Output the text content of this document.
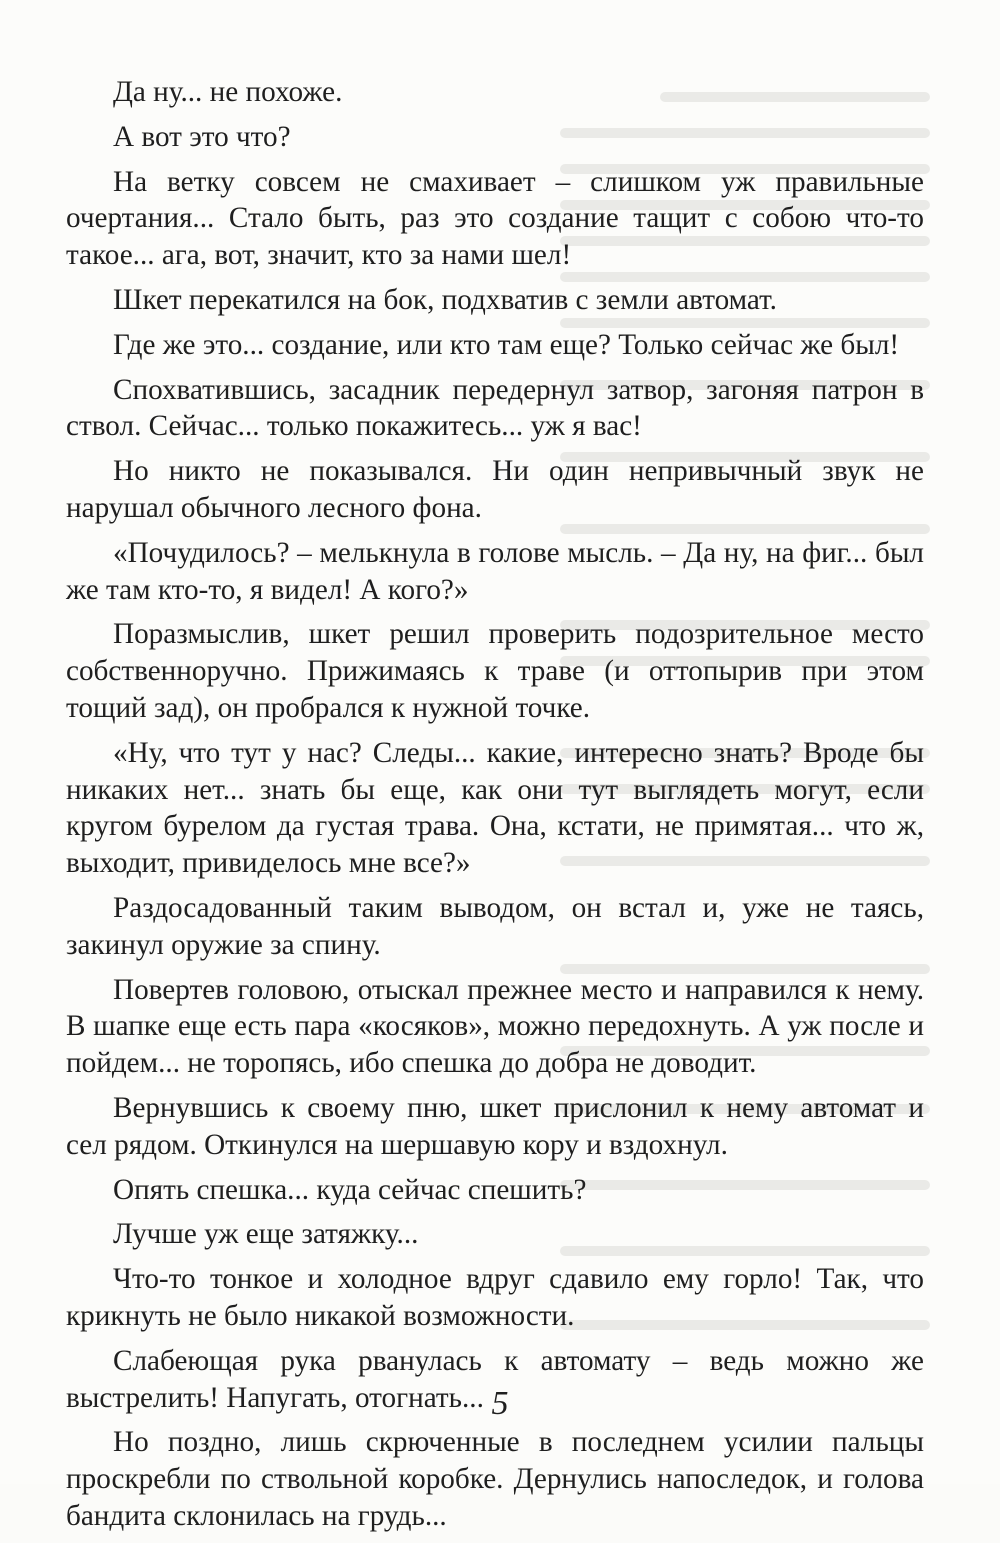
Да ну... не похоже.

А вот это что?

На ветку совсем не смахивает – слишком уж правильные очертания... Стало быть, раз это создание тащит с собою что-то такое... ага, вот, значит, кто за нами шел!

Шкет перекатился на бок, подхватив с земли автомат.

Где же это... создание, или кто там еще? Только сейчас же был!

Спохватившись, засадник передернул затвор, загоняя патрон в ствол. Сейчас... только покажитесь... уж я вас!

Но никто не показывался. Ни один непривычный звук не нарушал обычного лесного фона.

«Почудилось? – мелькнула в голове мысль. – Да ну, на фиг... был же там кто-то, я видел! А кого?»

Поразмыслив, шкет решил проверить подозрительное место собственноручно. Прижимаясь к траве (и оттопырив при этом тощий зад), он пробрался к нужной точке.

«Ну, что тут у нас? Следы... какие, интересно знать? Вроде бы никаких нет... знать бы еще, как они тут выглядеть могут, если кругом бурелом да густая трава. Она, кстати, не примятая... что ж, выходит, привиделось мне все?»

Раздосадованный таким выводом, он встал и, уже не таясь, закинул оружие за спину.

Повертев головою, отыскал прежнее место и направился к нему. В шапке еще есть пара «косяков», можно передохнуть. А уж после и пойдем... не торопясь, ибо спешка до добра не доводит.

Вернувшись к своему пню, шкет прислонил к нему автомат и сел рядом. Откинулся на шершавую кору и вздохнул.

Опять спешка... куда сейчас спешить?

Лучше уж еще затяжку...

Что-то тонкое и холодное вдруг сдавило ему горло! Так, что крикнуть не было никакой возможности.

Слабеющая рука рванулась к автомату – ведь можно же выстрелить! Напугать, отогнать...

Но поздно, лишь скрюченные в последнем усилии пальцы проскребли по ствольной коробке. Дернулись напоследок, и голова бандита склонилась на грудь...

5
